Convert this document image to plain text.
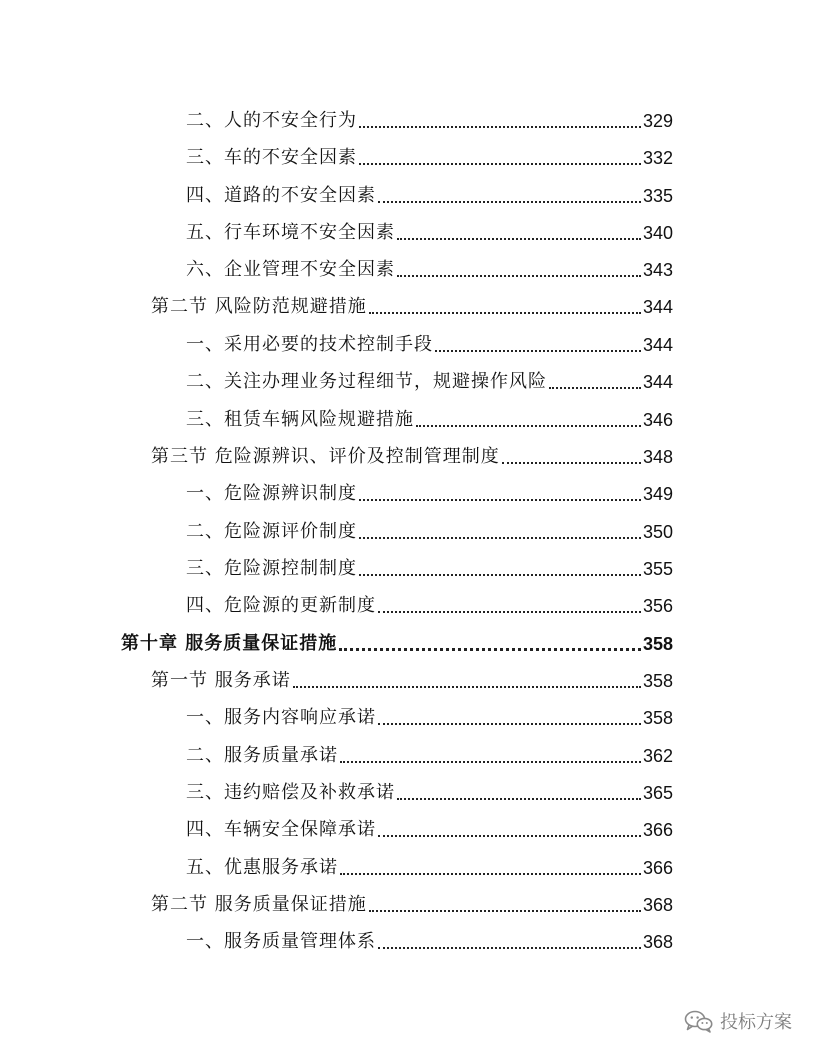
二、人的不安全行为	329
三、车的不安全因素	332
四、道路的不安全因素	335
五、行车环境不安全因素	340
六、企业管理不安全因素	343
第二节 风险防范规避措施	344
一、采用必要的技术控制手段	344
二、关注办理业务过程细节，规避操作风险	344
三、租赁车辆风险规避措施	346
第三节 危险源辨识、评价及控制管理制度	348
一、危险源辨识制度	349
二、危险源评价制度	350
三、危险源控制制度	355
四、危险源的更新制度	356
第十章 服务质量保证措施	358
第一节 服务承诺	358
一、服务内容响应承诺	358
二、服务质量承诺	362
三、违约赔偿及补救承诺	365
四、车辆安全保障承诺	366
五、优惠服务承诺	366
第二节 服务质量保证措施	368
一、服务质量管理体系	368
投标方案
